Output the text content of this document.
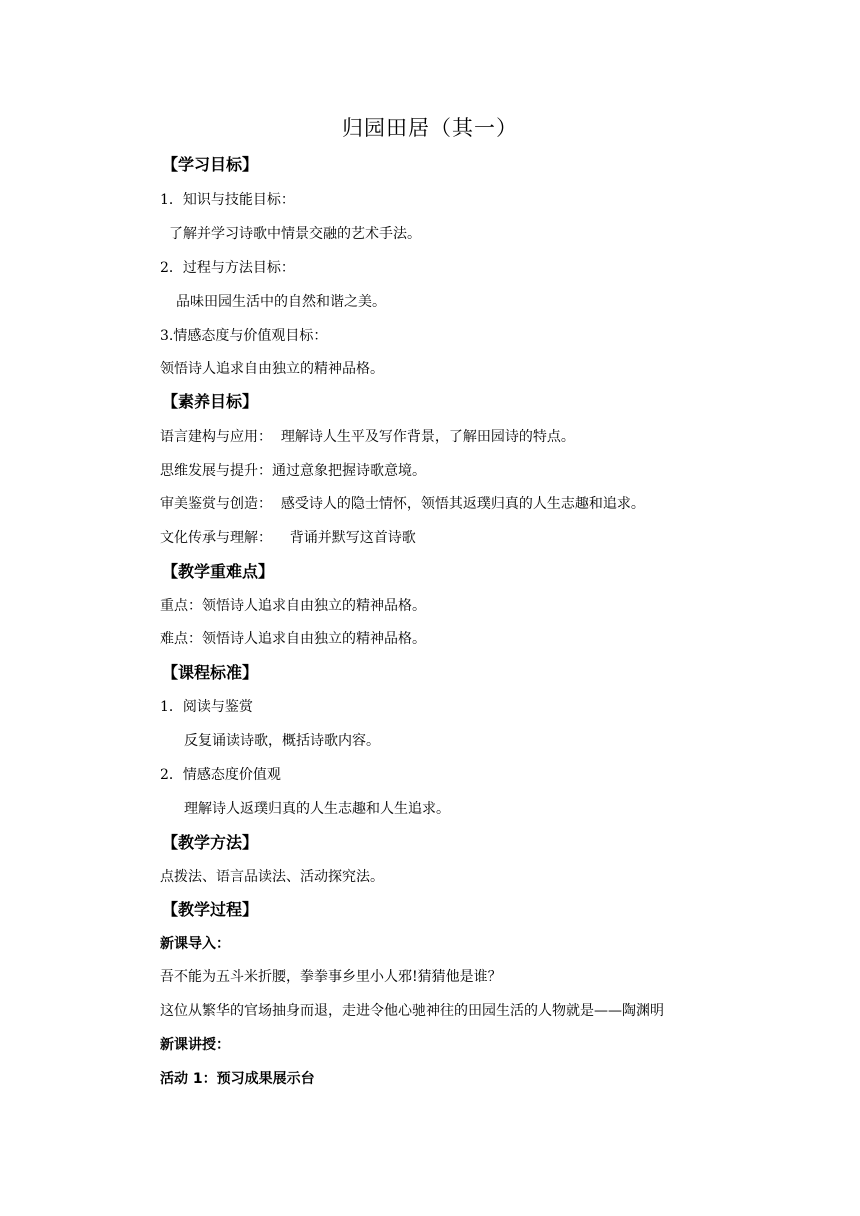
归园田居（其一）
【学习目标】
1．知识与技能目标：
了解并学习诗歌中情景交融的艺术手法。
2．过程与方法目标：
品味田园生活中的自然和谐之美。
3.情感态度与价值观目标：
领悟诗人追求自由独立的精神品格。
【素养目标】
语言建构与应用：  理解诗人生平及写作背景，了解田园诗的特点。
思维发展与提升：通过意象把握诗歌意境。
审美鉴赏与创造：  感受诗人的隐士情怀，领悟其返璞归真的人生志趣和追求。
文化传承与理解：    背诵并默写这首诗歌
【教学重难点】
重点：领悟诗人追求自由独立的精神品格。
难点：领悟诗人追求自由独立的精神品格。
【课程标准】
1．阅读与鉴赏
反复诵读诗歌，概括诗歌内容。
2．情感态度价值观
理解诗人返璞归真的人生志趣和人生追求。
【教学方法】
点拨法、语言品读法、活动探究法。
【教学过程】
新课导入：
吾不能为五斗米折腰，拳拳事乡里小人邪!猜猜他是谁？
这位从繁华的官场抽身而退，走进令他心驰神往的田园生活的人物就是——陶渊明
新课讲授：
活动 1：预习成果展示台
